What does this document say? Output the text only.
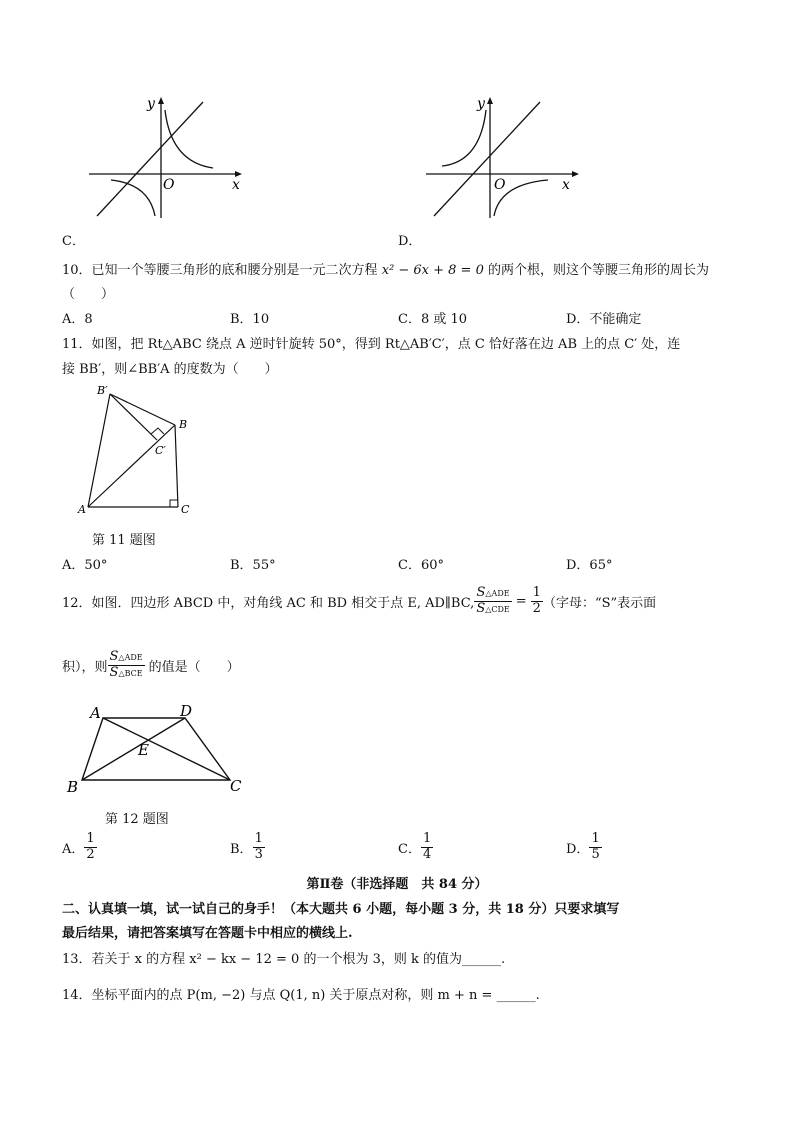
y
O	x
C．
y
O	x
D．
10．已知一个等腰三角形的底和腰分别是一元二次方程 x² − 6x + 8 = 0 的两个根，则这个等腰三角形的周长为
（　　）
A．8	B．10	C．8 或 10	D．不能确定
11．如图，把 Rt△ABC 绕点 A 逆时针旋转 50°，得到 Rt△AB′C′，点 C 恰好落在边 AB 上的点 C′ 处，连
接 BB′，则∠BB′A 的度数为（　　）
B′
B
C′
A	C
第 11 题图
A．50°	B．55°	C．60°	D．65°
12．如图．四边形 ABCD 中，对角线 AC 和 BD 相交于点 E, AD∥BC, $\frac{\text{S△ADE}}{\text{S△CDE}} = \frac{1}{2}$ （字母：“S”表示面
积），则 $\frac{\text{S△ADE}}{\text{S△BCE}}$ 的值是（　　）
A	D
E
B	C
第 12 题图
A． $\frac{1}{2}$	B． $\frac{1}{3}$	C． $\frac{1}{4}$	D． $\frac{1}{5}$
第Ⅱ卷（非选择题　共 84 分）
二、认真填一填，试一试自己的身手！（本大题共 6 小题，每小题 3 分，共 18 分）只要求填写
最后结果，请把答案填写在答题卡中相应的横线上.
13．若关于 x 的方程 x² − kx − 12 = 0 的一个根为 3，则 k 的值为______.
14．坐标平面内的点 P(m, −2) 与点 Q(1, n) 关于原点对称，则 m + n = ______.
